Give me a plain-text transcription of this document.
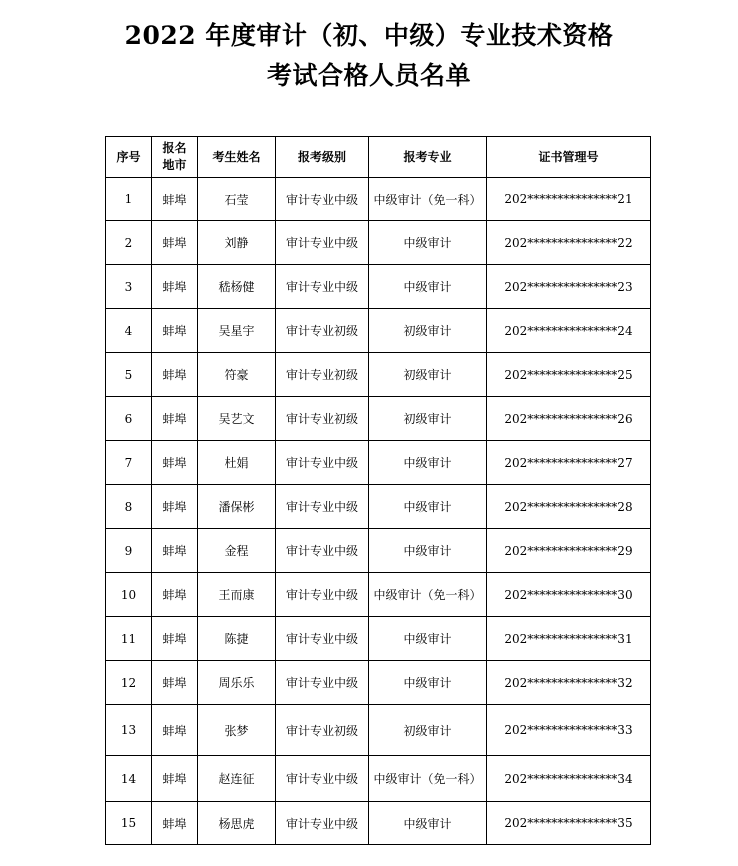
2022 年度审计（初、中级）专业技术资格
考试合格人员名单
序号	报名地市	考生姓名	报考级别	报考专业	证书管理号
1	蚌埠	石莹	审计专业中级	中级审计（免一科）	202***************21
2	蚌埠	刘静	审计专业中级	中级审计	202***************22
3	蚌埠	嵇杨健	审计专业中级	中级审计	202***************23
4	蚌埠	吴星宇	审计专业初级	初级审计	202***************24
5	蚌埠	符豪	审计专业初级	初级审计	202***************25
6	蚌埠	吴艺文	审计专业初级	初级审计	202***************26
7	蚌埠	杜娟	审计专业中级	中级审计	202***************27
8	蚌埠	潘保彬	审计专业中级	中级审计	202***************28
9	蚌埠	金程	审计专业中级	中级审计	202***************29
10	蚌埠	王而康	审计专业中级	中级审计（免一科）	202***************30
11	蚌埠	陈捷	审计专业中级	中级审计	202***************31
12	蚌埠	周乐乐	审计专业中级	中级审计	202***************32
13	蚌埠	张梦	审计专业初级	初级审计	202***************33
14	蚌埠	赵连征	审计专业中级	中级审计（免一科）	202***************34
15	蚌埠	杨思虎	审计专业中级	中级审计	202***************35
